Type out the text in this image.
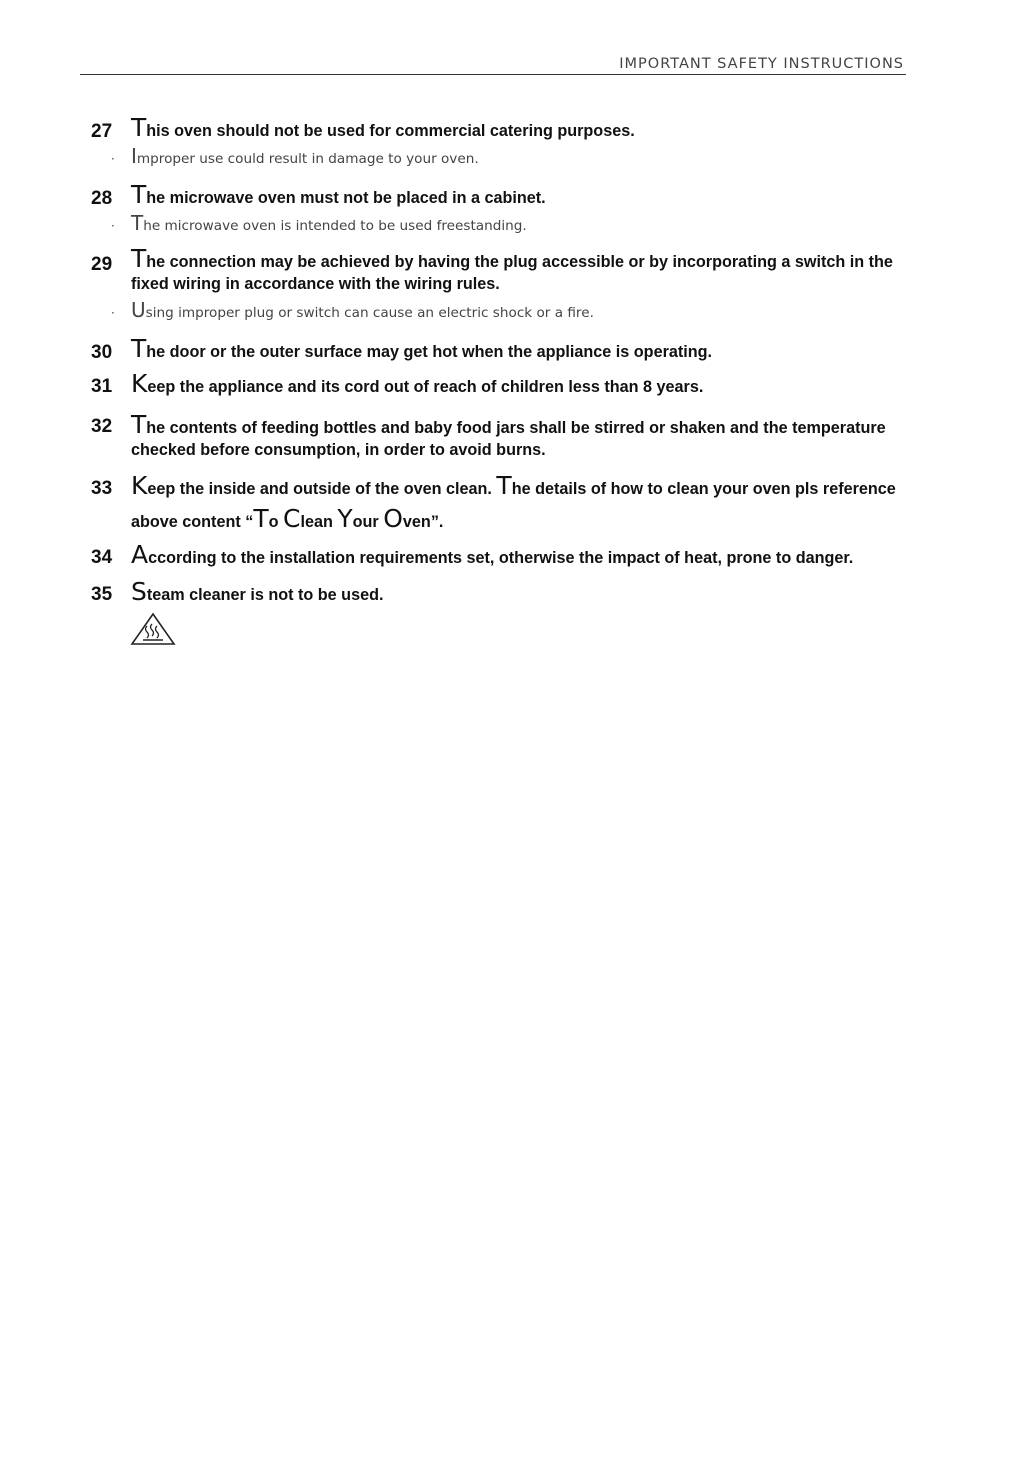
IMPORTANT SAFETY INSTRUCTIONS
27 This oven should not be used for commercial catering purposes.
· Improper use could result in damage to your oven.
28 The microwave oven must not be placed in a cabinet.
· The microwave oven is intended to be used freestanding.
29 The connection may be achieved by having the plug accessible or by incorporating a switch in the
fixed wiring in accordance with the wiring rules.
· Using improper plug or switch can cause an electric shock or a fire.
30 The door or the outer surface may get hot when the appliance is operating.
31 Keep the appliance and its cord out of reach of children less than 8 years.
32 The contents of feeding bottles and baby food jars shall be stirred or shaken and the temperature
checked before consumption, in order to avoid burns.
33 Keep the inside and outside of the oven clean. The details of how to clean your oven pls reference
above content “To Clean Your Oven”.
34 According to the installation requirements set, otherwise the impact of heat, prone to danger.
35 Steam cleaner is not to be used.
